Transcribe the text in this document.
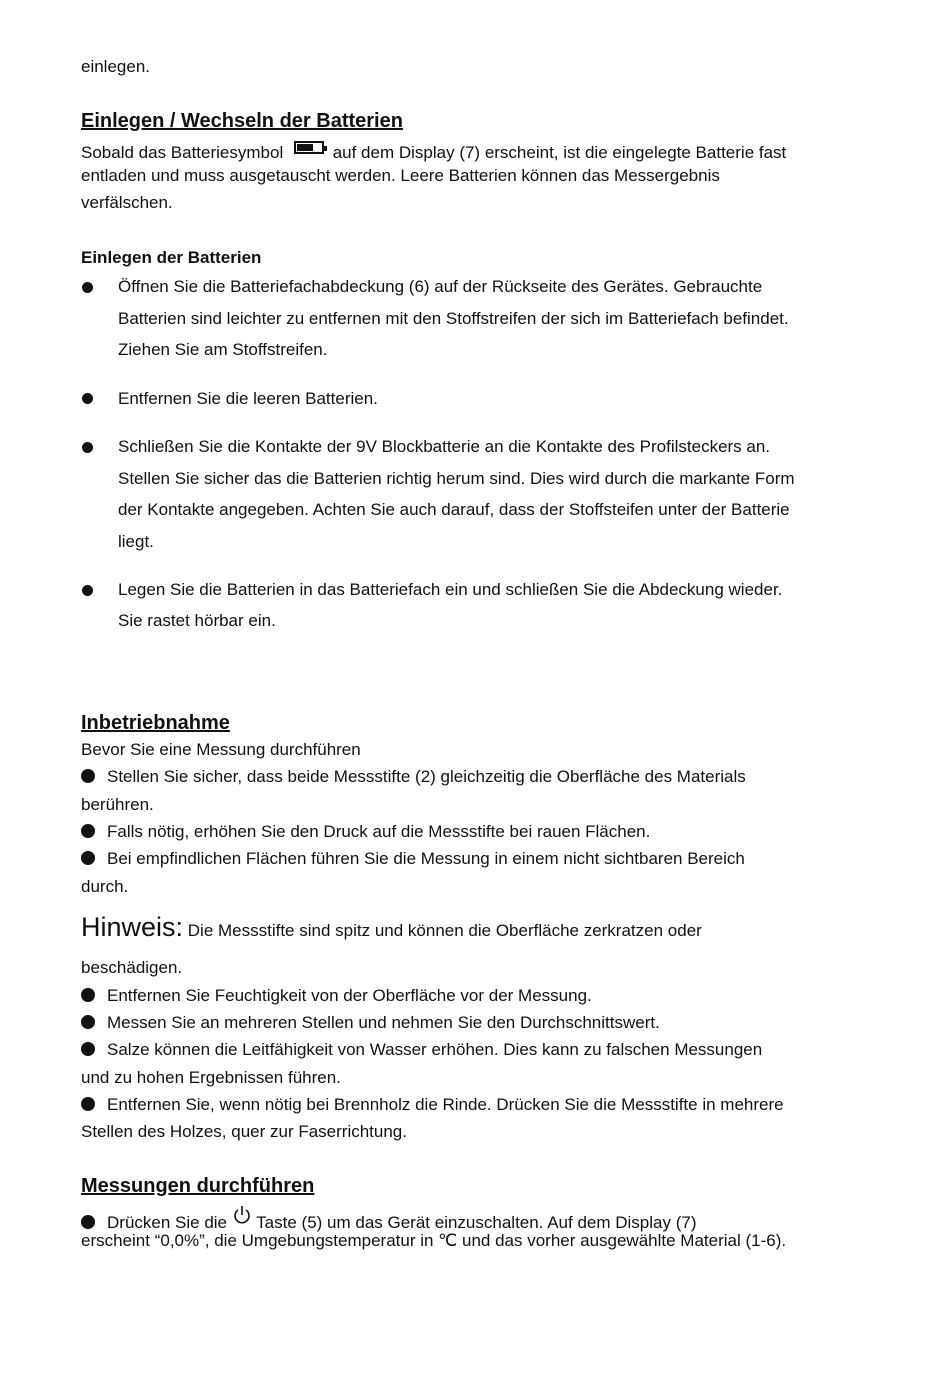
einlegen.
Einlegen / Wechseln der Batterien
Sobald das Batteriesymbol	auf dem Display (7) erscheint, ist die eingelegte Batterie fast
entladen und muss ausgetauscht werden. Leere Batterien können das Messergebnis
verfälschen.
Einlegen der Batterien
Öffnen Sie die Batteriefachabdeckung (6) auf der Rückseite des Gerätes. Gebrauchte
Batterien sind leichter zu entfernen mit den Stoffstreifen der sich im Batteriefach befindet.
Ziehen Sie am Stoffstreifen.
Entfernen Sie die leeren Batterien.
Schließen Sie die Kontakte der 9V Blockbatterie an die Kontakte des Profilsteckers an.
Stellen Sie sicher das die Batterien richtig herum sind. Dies wird durch die markante Form
der Kontakte angegeben. Achten Sie auch darauf, dass der Stoffsteifen unter der Batterie
liegt.
Legen Sie die Batterien in das Batteriefach ein und schließen Sie die Abdeckung wieder.
Sie rastet hörbar ein.
Inbetriebnahme
Bevor Sie eine Messung durchführen
Stellen Sie sicher, dass beide Messstifte (2) gleichzeitig die Oberfläche des Materials
berühren.
Falls nötig, erhöhen Sie den Druck auf die Messstifte bei rauen Flächen.
Bei empfindlichen Flächen führen Sie die Messung in einem nicht sichtbaren Bereich
durch.
Hinweis: Die Messstifte sind spitz und können die Oberfläche zerkratzen oder
beschädigen.
Entfernen Sie Feuchtigkeit von der Oberfläche vor der Messung.
Messen Sie an mehreren Stellen und nehmen Sie den Durchschnittswert.
Salze können die Leitfähigkeit von Wasser erhöhen. Dies kann zu falschen Messungen
und zu hohen Ergebnissen führen.
Entfernen Sie, wenn nötig bei Brennholz die Rinde. Drücken Sie die Messstifte in mehrere
Stellen des Holzes, quer zur Faserrichtung.
Messungen durchführen
Drücken Sie die Taste (5) um das Gerät einzuschalten. Auf dem Display (7)
erscheint “0,0%”, die Umgebungstemperatur in ℃ und das vorher ausgewählte Material (1‐6).
